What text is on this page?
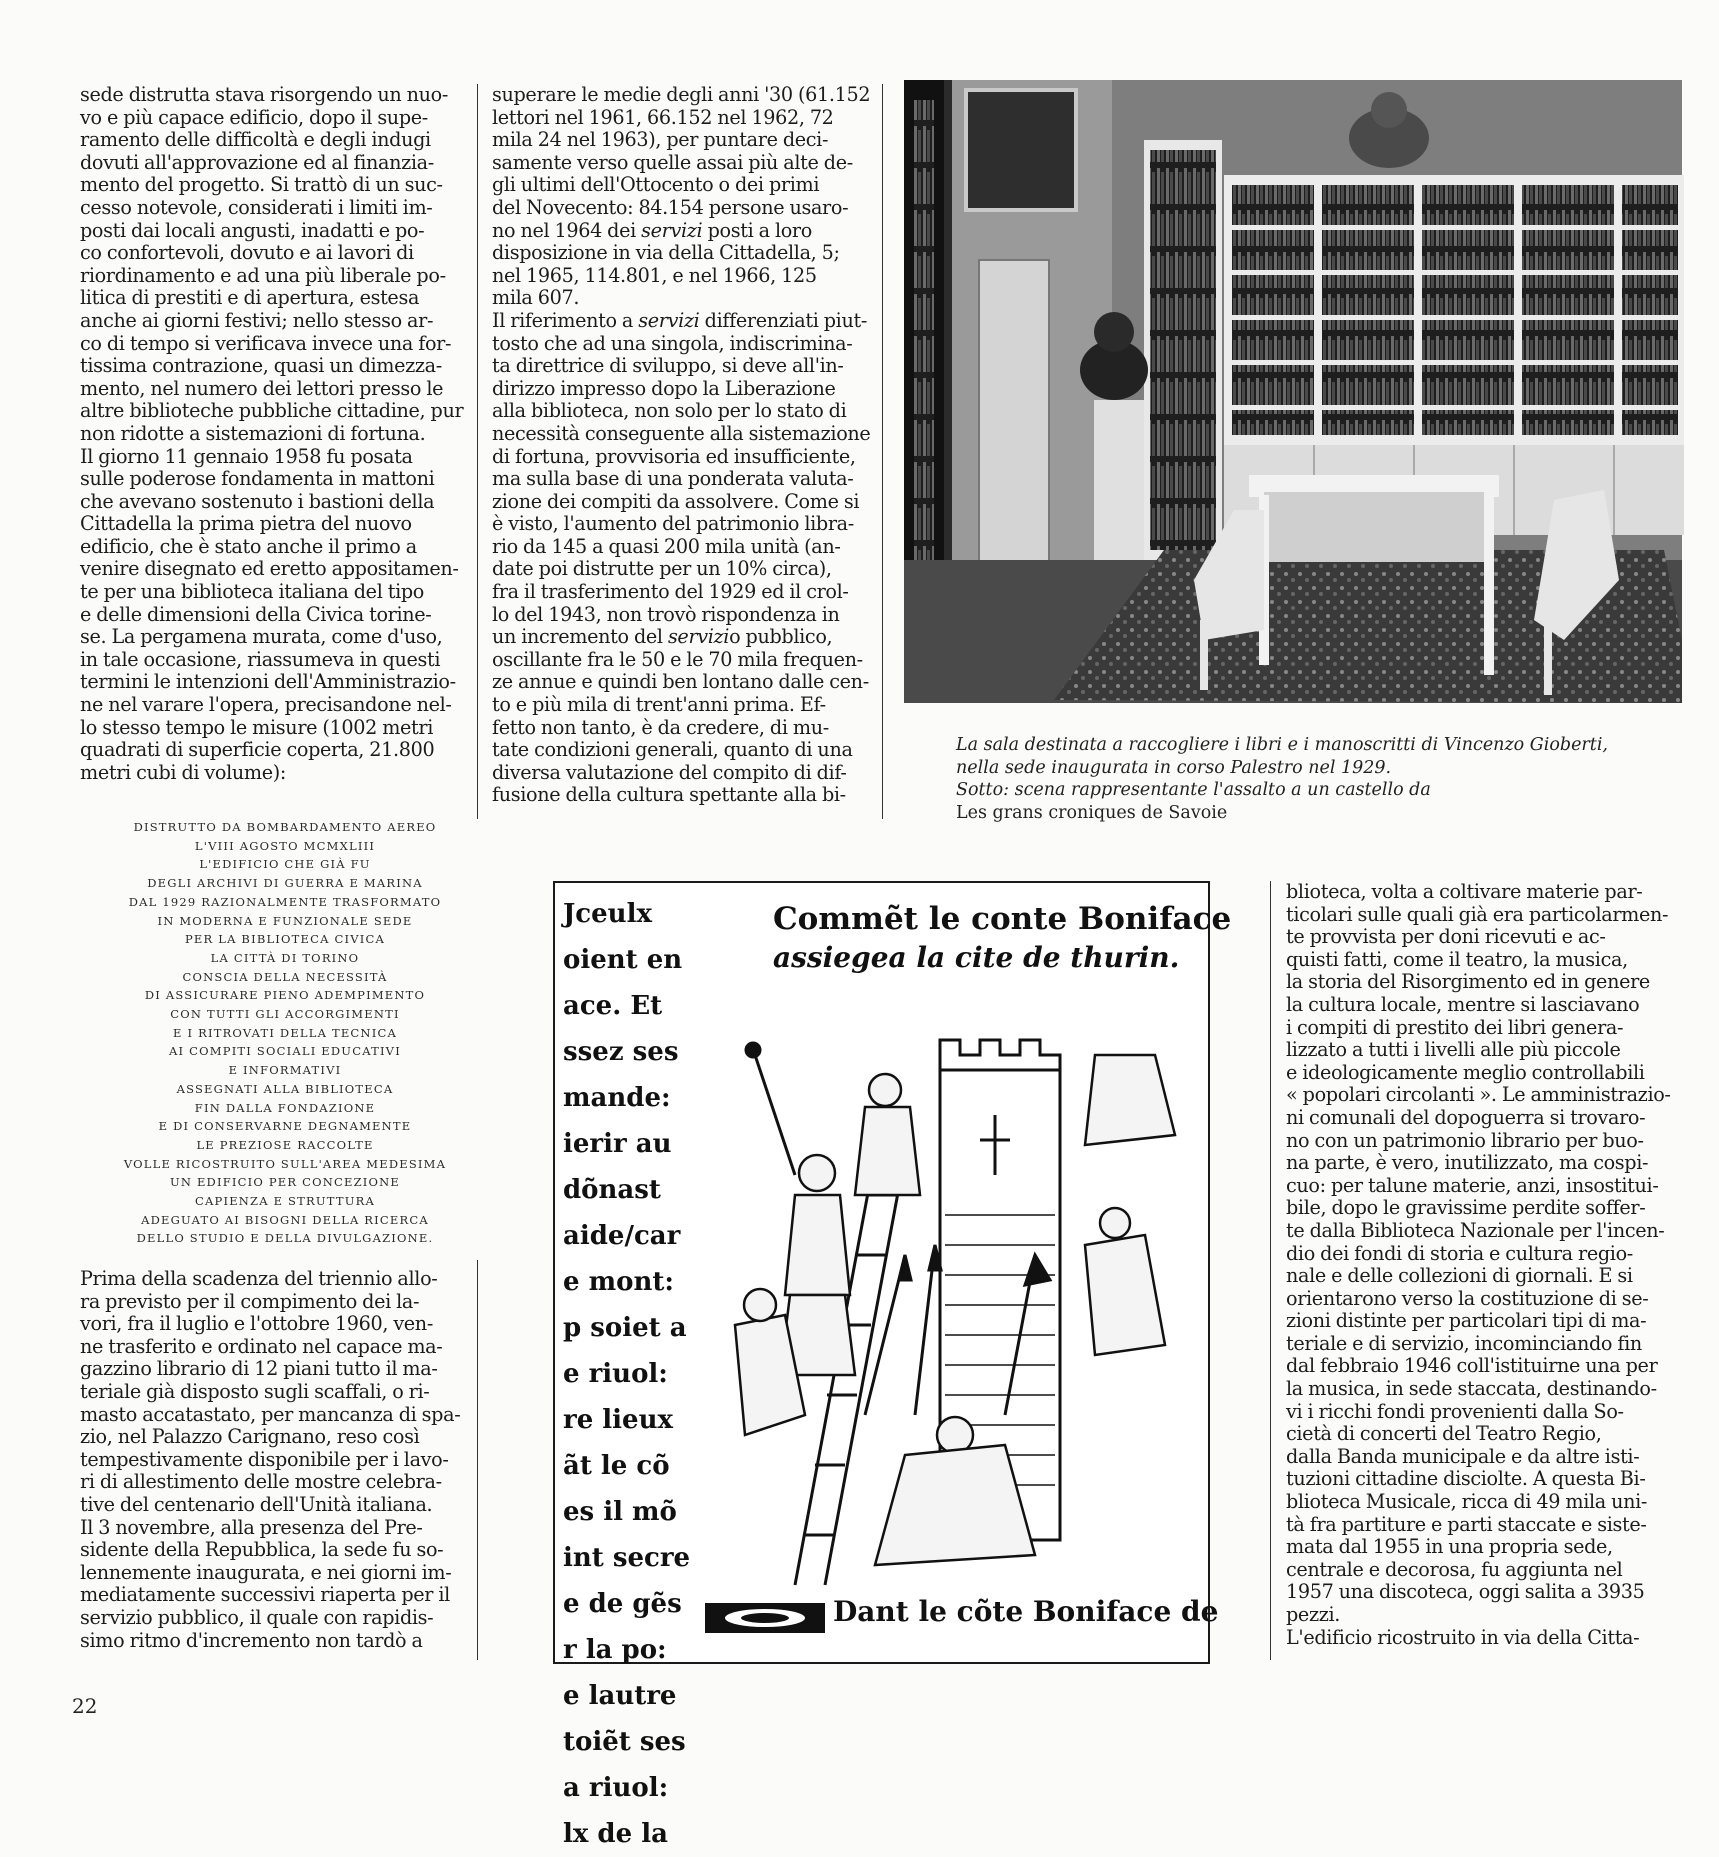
sede distrutta stava risorgendo un nuo-
vo e più capace edificio, dopo il supe-
ramento delle difficoltà e degli indugi
dovuti all'approvazione ed al finanzia-
mento del progetto. Si trattò di un suc-
cesso notevole, considerati i limiti im-
posti dai locali angusti, inadatti e po-
co confortevoli, dovuto e ai lavori di
riordinamento e ad una più liberale po-
litica di prestiti e di apertura, estesa
anche ai giorni festivi; nello stesso ar-
co di tempo si verificava invece una for-
tissima contrazione, quasi un dimezza-
mento, nel numero dei lettori presso le
altre biblioteche pubbliche cittadine, pur
non ridotte a sistemazioni di fortuna.
Il giorno 11 gennaio 1958 fu posata
sulle poderose fondamenta in mattoni
che avevano sostenuto i bastioni della
Cittadella la prima pietra del nuovo
edificio, che è stato anche il primo a
venire disegnato ed eretto appositamen-
te per una biblioteca italiana del tipo
e delle dimensioni della Civica torine-
se. La pergamena murata, come d'uso,
in tale occasione, riassumeva in questi
termini le intenzioni dell'Amministrazio-
ne nel varare l'opera, precisandone nel-
lo stesso tempo le misure (1002 metri
quadrati di superficie coperta, 21.800
metri cubi di volume):
DISTRUTTO DA BOMBARDAMENTO AEREO
L'VIII AGOSTO MCMXLIII
L'EDIFICIO CHE GIÀ FU
DEGLI ARCHIVI DI GUERRA E MARINA
DAL 1929 RAZIONALMENTE TRASFORMATO
IN MODERNA E FUNZIONALE SEDE
PER LA BIBLIOTECA CIVICA
LA CITTÀ DI TORINO
CONSCIA DELLA NECESSITÀ
DI ASSICURARE PIENO ADEMPIMENTO
CON TUTTI GLI ACCORGIMENTI
E I RITROVATI DELLA TECNICA
AI COMPITI SOCIALI EDUCATIVI
E INFORMATIVI
ASSEGNATI ALLA BIBLIOTECA
FIN DALLA FONDAZIONE
E DI CONSERVARNE DEGNAMENTE
LE PREZIOSE RACCOLTE
VOLLE RICOSTRUITO SULL'AREA MEDESIMA
UN EDIFICIO PER CONCEZIONE
CAPIENZA E STRUTTURA
ADEGUATO AI BISOGNI DELLA RICERCA
DELLO STUDIO E DELLA DIVULGAZIONE.
Prima della scadenza del triennio allo-
ra previsto per il compimento dei la-
vori, fra il luglio e l'ottobre 1960, ven-
ne trasferito e ordinato nel capace ma-
gazzino librario di 12 piani tutto il ma-
teriale già disposto sugli scaffali, o ri-
masto accatastato, per mancanza di spa-
zio, nel Palazzo Carignano, reso così
tempestivamente disponibile per i lavo-
ri di allestimento delle mostre celebra-
tive del centenario dell'Unità italiana.
Il 3 novembre, alla presenza del Pre-
sidente della Repubblica, la sede fu so-
lennemente inaugurata, e nei giorni im-
mediatamente successivi riaperta per il
servizio pubblico, il quale con rapidis-
simo ritmo d'incremento non tardò a
superare le medie degli anni '30 (61.152
lettori nel 1961, 66.152 nel 1962, 72
mila 24 nel 1963), per puntare deci-
samente verso quelle assai più alte de-
gli ultimi dell'Ottocento o dei primi
del Novecento: 84.154 persone usaro-
no nel 1964 dei servizi posti a loro
disposizione in via della Cittadella, 5;
nel 1965, 114.801, e nel 1966, 125
mila 607.
Il riferimento a servizi differenziati piut-
tosto che ad una singola, indiscrimina-
ta direttrice di sviluppo, si deve all'in-
dirizzo impresso dopo la Liberazione
alla biblioteca, non solo per lo stato di
necessità conseguente alla sistemazione
di fortuna, provvisoria ed insufficiente,
ma sulla base di una ponderata valuta-
zione dei compiti da assolvere. Come si
è visto, l'aumento del patrimonio libra-
rio da 145 a quasi 200 mila unità (an-
date poi distrutte per un 10% circa),
fra il trasferimento del 1929 ed il crol-
lo del 1943, non trovò rispondenza in
un incremento del servizio pubblico,
oscillante fra le 50 e le 70 mila frequen-
ze annue e quindi ben lontano dalle cen-
to e più mila di trent'anni prima. Ef-
fetto non tanto, è da credere, di mu-
tate condizioni generali, quanto di una
diversa valutazione del compito di dif-
fusione della cultura spettante alla bi-
La sala destinata a raccogliere i libri e i manoscritti di Vincenzo Gioberti,
nella sede inaugurata in corso Palestro nel 1929.
Sotto: scena rappresentante l'assalto a un castello da
Les grans croniques de Savoie
Jceulx
oient en
ace. Et
ssez ses
mande:
ierir au
dõnast
aide/car
e mont:
p soiet a
e riuol:
re lieux
ãt le cõ
es il mõ
int secre
e de gẽs
r la po:
e lautre
toiẽt ses
a riuol:
lx de la
Commẽt le conte Boniface
assiegea la cite de thurin.
Dant le cõte Boniface de
blioteca, volta a coltivare materie par-
ticolari sulle quali già era particolarmen-
te provvista per doni ricevuti e ac-
quisti fatti, come il teatro, la musica,
la storia del Risorgimento ed in genere
la cultura locale, mentre si lasciavano
i compiti di prestito dei libri genera-
lizzato a tutti i livelli alle più piccole
e ideologicamente meglio controllabili
« popolari circolanti ». Le amministrazio-
ni comunali del dopoguerra si trovaro-
no con un patrimonio librario per buo-
na parte, è vero, inutilizzato, ma cospi-
cuo: per talune materie, anzi, insostitui-
bile, dopo le gravissime perdite soffer-
te dalla Biblioteca Nazionale per l'incen-
dio dei fondi di storia e cultura regio-
nale e delle collezioni di giornali. E si
orientarono verso la costituzione di se-
zioni distinte per particolari tipi di ma-
teriale e di servizio, incominciando fin
dal febbraio 1946 coll'istituirne una per
la musica, in sede staccata, destinando-
vi i ricchi fondi provenienti dalla So-
cietà di concerti del Teatro Regio,
dalla Banda municipale e da altre isti-
tuzioni cittadine disciolte. A questa Bi-
blioteca Musicale, ricca di 49 mila uni-
tà fra partiture e parti staccate e siste-
mata dal 1955 in una propria sede,
centrale e decorosa, fu aggiunta nel
1957 una discoteca, oggi salita a 3935
pezzi.
L'edificio ricostruito in via della Citta-
22
